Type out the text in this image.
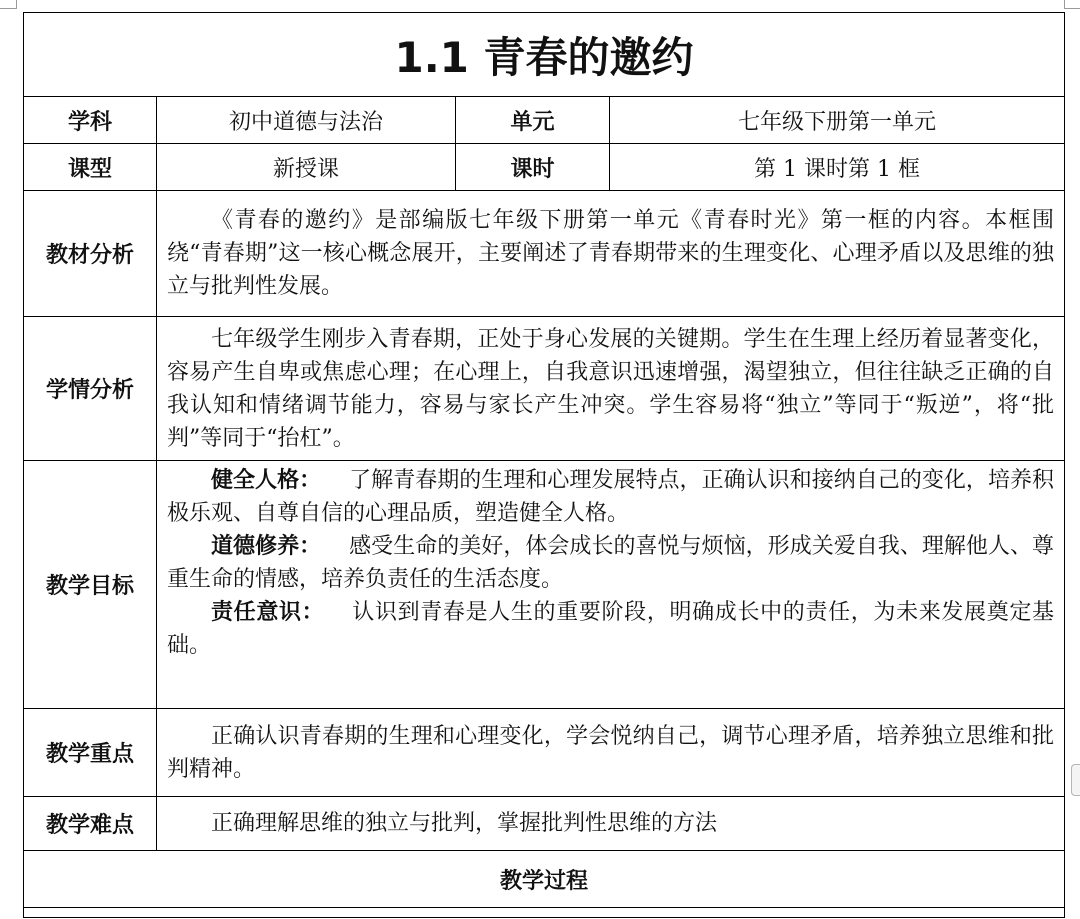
1.1 青春的邀约			
学科	初中道德与法治	单元	七年级下册第一单元
课型	新授课	课时	第 1 课时第 1 框
教材分析	《青春的邀约》是部编版七年级下册第一单元《青春时光》第一框的内容。本框围绕“青春期”这一核心概念展开，主要阐述了青春期带来的生理变化、心理矛盾以及思维的独立与批判性发展。		

学情分析	七年级学生刚步入青春期，正处于身心发展的关键期。学生在生理上经历着显著变化，容易产生自卑或焦虑心理；在心理上，自我意识迅速增强，渴望独立，但往往缺乏正确的自我认知和情绪调节能力，容易与家长产生冲突。学生容易将“独立”等同于“叛逆”，将“批判”等同于“抬杠”。		

教学目标	健全人格： 了解青春期的生理和心理发展特点，正确认识和接纳自己的变化，培养积极乐观、自尊自信的心理品质，塑造健全人格。

道德修养： 感受生命的美好，体会成长的喜悦与烦恼，形成关爱自我、理解他人、尊重生命的情感，培养负责任的生活态度。

责任意识： 认识到青春是人生的重要阶段，明确成长中的责任，为未来发展奠定基础。		

教学重点	正确认识青春期的生理和心理变化，学会悦纳自己，调节心理矛盾，培养独立思维和批判精神。		

教学难点	正确理解思维的独立与批判，掌握批判性思维的方法		

教学过程			
